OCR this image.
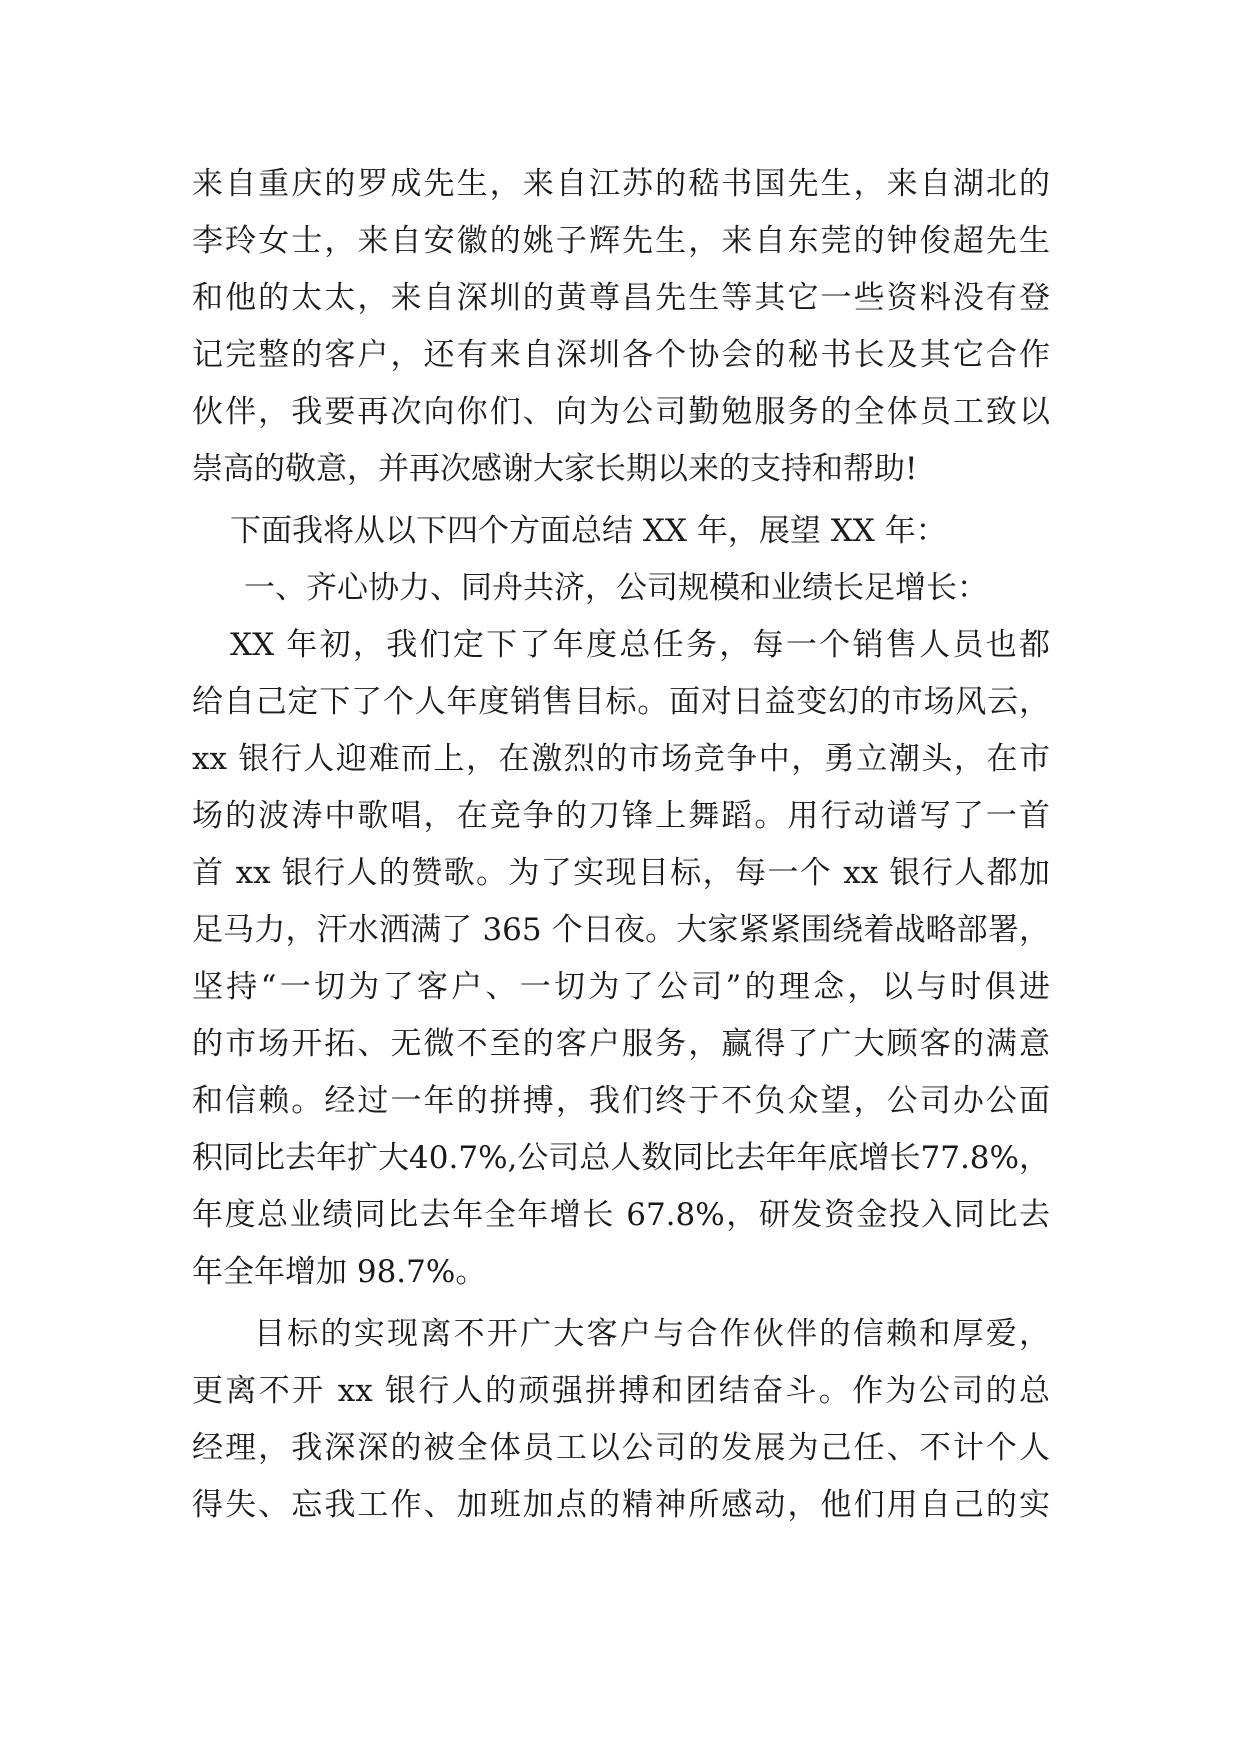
来自重庆的罗成先生，来自江苏的嵇书国先生，来自湖北的
李玲女士，来自安徽的姚子辉先生，来自东莞的钟俊超先生
和他的太太，来自深圳的黄尊昌先生等其它一些资料没有登
记完整的客户，还有来自深圳各个协会的秘书长及其它合作
伙伴，我要再次向你们、向为公司勤勉服务的全体员工致以
崇高的敬意，并再次感谢大家长期以来的支持和帮助!
下面我将从以下四个方面总结 XX 年，展望 XX 年：
一、齐心协力、同舟共济，公司规模和业绩长足增长：
XX 年初，我们定下了年度总任务，每一个销售人员也都
给自己定下了个人年度销售目标。面对日益变幻的市场风云，
xx 银行人迎难而上，在激烈的市场竞争中，勇立潮头，在市
场的波涛中歌唱，在竞争的刀锋上舞蹈。用行动谱写了一首
首 xx 银行人的赞歌。为了实现目标，每一个 xx 银行人都加
足马力，汗水洒满了 365 个日夜。大家紧紧围绕着战略部署，
坚持“一切为了客户、一切为了公司”的理念，以与时俱进
的市场开拓、无微不至的客户服务，赢得了广大顾客的满意
和信赖。经过一年的拼搏，我们终于不负众望，公司办公面
积同比去年扩大40.7%,公司总人数同比去年年底增长77.8%，
年度总业绩同比去年全年增长 67.8%，研发资金投入同比去
年全年增加 98.7%。
目标的实现离不开广大客户与合作伙伴的信赖和厚爱，
更离不开 xx 银行人的顽强拼搏和团结奋斗。作为公司的总
经理，我深深的被全体员工以公司的发展为己任、不计个人
得失、忘我工作、加班加点的精神所感动，他们用自己的实
